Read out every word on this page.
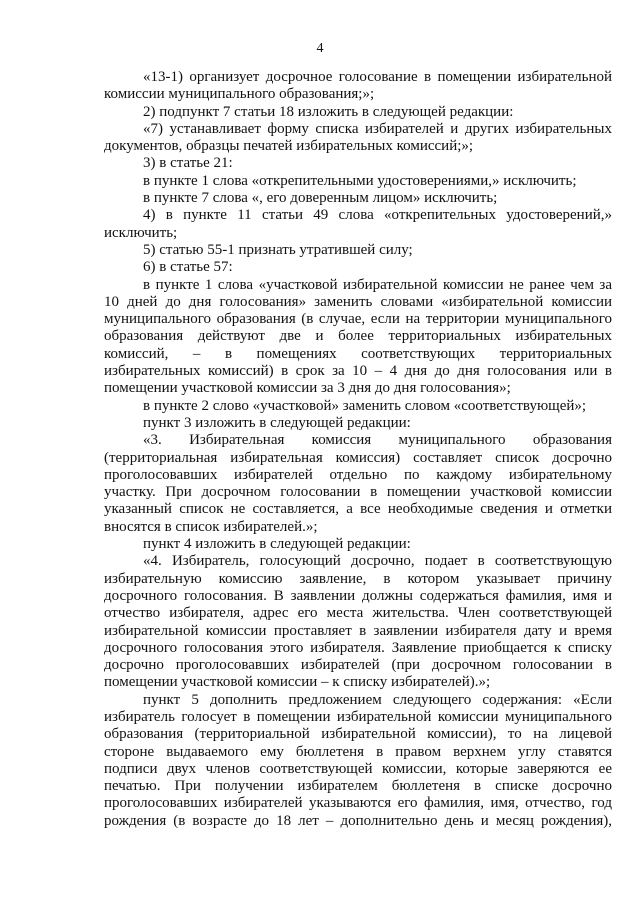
4
«13-1) организует досрочное голосование в помещении избирательной
комиссии муниципального образования;»;
2) подпункт 7 статьи 18 изложить в следующей редакции:
«7) устанавливает форму списка избирателей и других избирательных
документов, образцы печатей избирательных комиссий;»;
3) в статье 21:
в пункте 1 слова «открепительными удостоверениями,» исключить;
в пункте 7 слова «, его доверенным лицом» исключить;
4) в пункте 11 статьи 49 слова «открепительных удостоверений,»
исключить;
5) статью 55-1 признать утратившей силу;
6) в статье 57:
в пункте 1 слова «участковой избирательной комиссии не ранее чем за
10 дней до дня голосования» заменить словами «избирательной комиссии
муниципального образования (в случае, если на территории муниципального
образования действуют две и более территориальных избирательных
комиссий, – в помещениях соответствующих территориальных
избирательных комиссий) в срок за 10 – 4 дня до дня голосования или в
помещении участковой комиссии за 3 дня до дня голосования»;
в пункте 2 слово «участковой» заменить словом «соответствующей»;
пункт 3 изложить в следующей редакции:
«3. Избирательная комиссия муниципального образования
(территориальная избирательная комиссия) составляет список досрочно
проголосовавших избирателей отдельно по каждому избирательному
участку. При досрочном голосовании в помещении участковой комиссии
указанный список не составляется, а все необходимые сведения и отметки
вносятся в список избирателей.»;
пункт 4 изложить в следующей редакции:
«4. Избиратель, голосующий досрочно, подает в соответствующую
избирательную комиссию заявление, в котором указывает причину
досрочного голосования. В заявлении должны содержаться фамилия, имя и
отчество избирателя, адрес его места жительства. Член соответствующей
избирательной комиссии проставляет в заявлении избирателя дату и время
досрочного голосования этого избирателя. Заявление приобщается к списку
досрочно проголосовавших избирателей (при досрочном голосовании в
помещении участковой комиссии – к списку избирателей).»;
пункт 5 дополнить предложением следующего содержания: «Если
избиратель голосует в помещении избирательной комиссии муниципального
образования (территориальной избирательной комиссии), то на лицевой
стороне выдаваемого ему бюллетеня в правом верхнем углу ставятся
подписи двух членов соответствующей комиссии, которые заверяются ее
печатью. При получении избирателем бюллетеня в списке досрочно
проголосовавших избирателей указываются его фамилия, имя, отчество, год
рождения (в возрасте до 18 лет – дополнительно день и месяц рождения),
